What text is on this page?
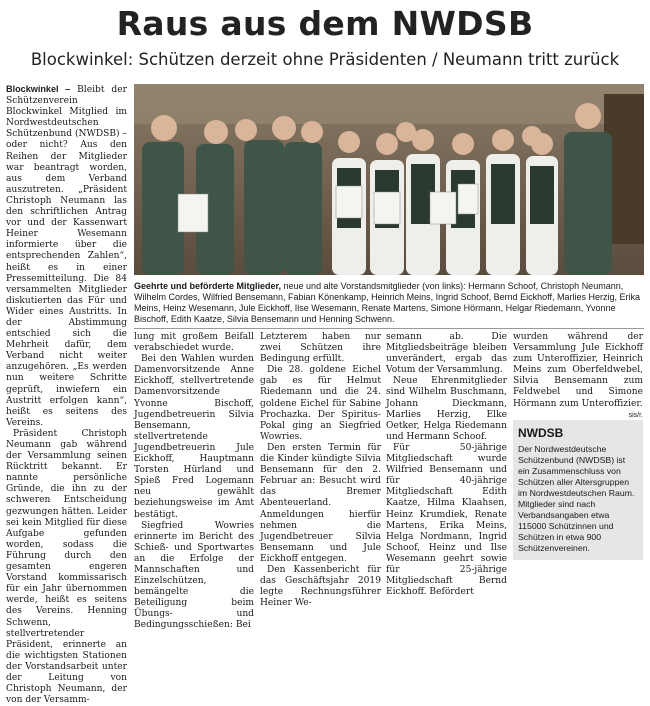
Raus aus dem NWDSB
Blockwinkel: Schützen derzeit ohne Präsidenten / Neumann tritt zurück

Blockwinkel – Bleibt der Schützenverein Blockwinkel Mitglied im Nordwestdeutschen Schützenbund (NWDSB) – oder nicht? Aus den Reihen der Mitglieder war beantragt worden, aus dem Verband auszutreten. „Präsident Christoph Neumann las den schriftlichen Antrag vor und der Kassenwart Heiner Wesemann informierte über die entsprechenden Zahlen“, heißt es in einer Pressemitteilung. Die 84 versammelten Mitglieder diskutierten das Für und Wider eines Austritts. In der Abstimmung entschied sich die Mehrheit dafür, dem Verband nicht weiter anzugehören. „Es werden nun weitere Schritte geprüft, inwiefern ein Austritt erfolgen kann“, heißt es seitens des Vereins.

Präsident Christoph Neumann gab während der Versammlung seinen Rücktritt bekannt. Er nannte persönliche Gründe, die ihn zu der schweren Entscheidung gezwungen hätten. Leider sei kein Mitglied für diese Aufgabe gefunden worden, sodass die Führung durch den gesamten engeren Vorstand kommissarisch für ein Jahr übernommen werde, heißt es seitens des Vereins. Henning Schwenn, stellvertretender Präsident, erinnerte an die wichtigsten Stationen der Vorstandsarbeit unter der Leitung von Christoph Neumann, der von der Versamm-

Geehrte und beförderte Mitglieder, neue und alte Vorstandsmitglieder (von links): Hermann Schoof, Christoph Neumann, Wilhelm Cordes, Wilfried Bensemann, Fabian Könenkamp, Heinrich Meins, Ingrid Schoof, Bernd Eickhoff, Marlies Herzig, Erika Meins, Heinz Wesemann, Jule Eickhoff, Ilse Wesemann, Renate Martens, Simone Hörmann, Helgar Riedemann, Yvonne Bischoff, Edith Kaatze, Silvia Bensemann und Henning Schwenn.

lung mit großem Beifall verabschiedet wurde.

Bei den Wahlen wurden Damenvorsitzende Anne Eickhoff, stellvertretende Damenvorsitzende Yvonne Bischoff, Jugendbetreuerin Silvia Bensemann, stellvertretende Jugendbetreuerin Jule Eickhoff, Hauptmann Torsten Hürland und Spieß Fred Logemann neu gewählt beziehungsweise im Amt bestätigt.

Siegfried Wowries erinnerte im Bericht des Schieß- und Sportwartes an die Erfolge der Mannschaften und Einzelschützen, bemängelte die Beteiligung beim Übungs- und Bedingungsschießen: Bei

Letzterem haben nur zwei Schützen ihre Bedingung erfüllt.

Die 28. goldene Eichel gab es für Helmut Riedemann und die 24. goldene Eichel für Sabine Prochazka. Der Spiritus-Pokal ging an Siegfried Wowries.

Den ersten Termin für die Kinder kündigte Silvia Bensemann für den 2. Februar an: Besucht wird das Bremer Abenteuerland. Anmeldungen hierfür nehmen die Jugendbetreuer Silvia Bensemann und Jule Eickhoff entgegen.

Den Kassenbericht für das Geschäftsjahr 2019 legte Rechnungsführer Heiner We-

semann ab. Die Mitgliedsbeiträge bleiben unverändert, ergab das Votum der Versammlung.

Neue Ehrenmitglieder sind Wilhelm Buschmann, Johann Dieckmann, Marlies Herzig, Elke Oetker, Helga Riedemann und Hermann Schoof.

Für 50-jährige Mitgliedschaft wurde Wilfried Bensemann und für 40-jährige Mitgliedschaft Edith Kaatze, Hilma Klaahsen, Heinz Krumdiek, Renate Martens, Erika Meins, Helga Nordmann, Ingrid Schoof, Heinz und Ilse Wesemann geehrt sowie für 25-jährige Mitgliedschaft Bernd Eickhoff. Befördert

wurden während der Versammlung Jule Eickhoff zum Unteroffizier, Heinrich Meins zum Oberfeldwebel, Silvia Bensemann zum Feldwebel und Simone Hörmann zum Unteroffizier.

sis/r.
NWDSB
Der Nordwestdeutsche Schützenbund (NWDSB) ist ein Zusammenschluss von Schützen aller Altersgruppen im Nordwestdeutschen Raum. Mitglieder sind nach Verbandsangaben etwa 115000 Schützinnen und Schützen in etwa 900 Schützenvereinen.
